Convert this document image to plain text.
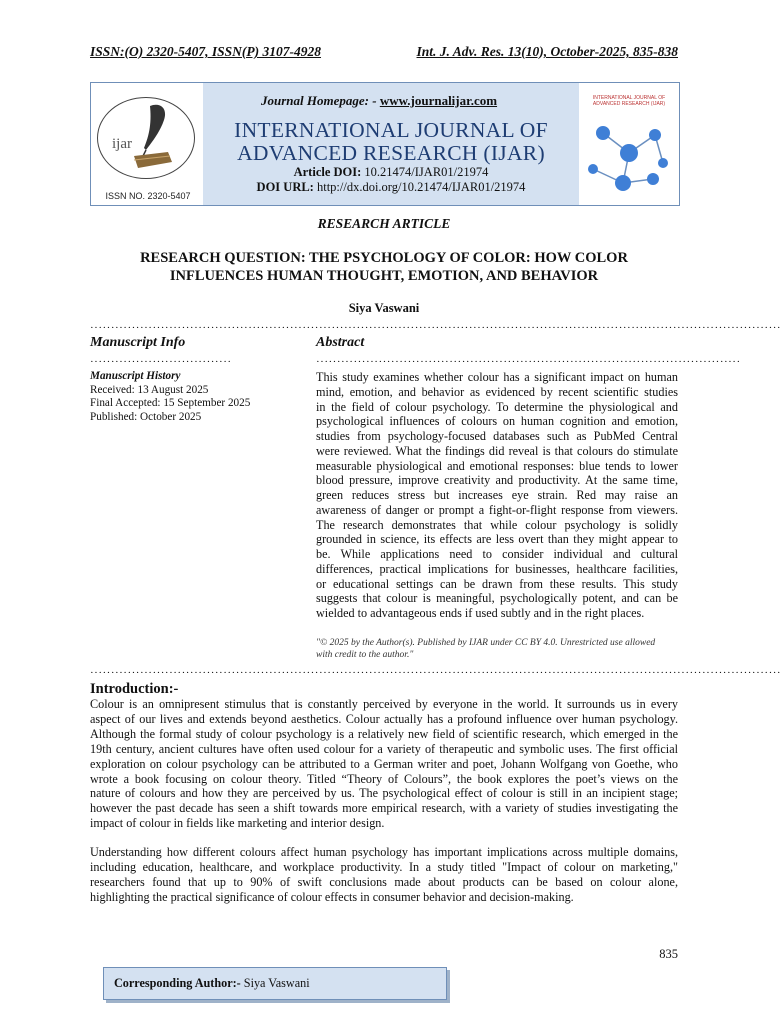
ISSN:(O) 2320-5407, ISSN(P) 3107-4928	Int. J. Adv. Res. 13(10), October-2025, 835-838
ijar
ISSN NO. 2320-5407
Journal Homepage: - www.journalijar.com
INTERNATIONAL JOURNAL OF
ADVANCED RESEARCH (IJAR)
Article DOI: 10.21474/IJAR01/21974
DOI URL: http://dx.doi.org/10.21474/IJAR01/21974
INTERNATIONAL JOURNAL OF ADVANCED RESEARCH (IJAR)
RESEARCH ARTICLE
RESEARCH QUESTION: THE PSYCHOLOGY OF COLOR: HOW COLOR
INFLUENCES HUMAN THOUGHT, EMOTION, AND BEHAVIOR
Siya Vaswani
······································································································································································
Manuscript Info	Abstract
··································	······································································································
Manuscript History
Received: 13 August 2025
Final Accepted: 15 September 2025
Published: October 2025
This study examines whether colour has a significant impact on human
mind, emotion, and behavior as evidenced by recent scientific studies
in the field of colour psychology. To determine the physiological and
psychological influences of colours on human cognition and emotion,
studies from psychology-focused databases such as PubMed Central
were reviewed. What the findings did reveal is that colours do stimulate
measurable physiological and emotional responses: blue tends to lower
blood pressure, improve creativity and productivity. At the same time,
green reduces stress but increases eye strain. Red may raise an
awareness of danger or prompt a fight-or-flight response from viewers.
The research demonstrates that while colour psychology is solidly
grounded in science, its effects are less overt than they might appear to
be. While applications need to consider individual and cultural
differences, practical implications for businesses, healthcare facilities,
or educational settings can be drawn from these results. This study
suggests that colour is meaningful, psychologically potent, and can be
wielded to advantageous ends if used subtly and in the right places.
"© 2025 by the Author(s). Published by IJAR under CC BY 4.0. Unrestricted use allowed
with credit to the author."
······································································································································································
Introduction:-
Colour is an omnipresent stimulus that is constantly perceived by everyone in the world. It surrounds us in every
aspect of our lives and extends beyond aesthetics. Colour actually has a profound influence over human psychology.
Although the formal study of colour psychology is a relatively new field of scientific research, which emerged in the
19th century, ancient cultures have often used colour for a variety of therapeutic and symbolic uses. The first official
exploration on colour psychology can be attributed to a German writer and poet, Johann Wolfgang von Goethe, who
wrote a book focusing on colour theory. Titled “Theory of Colours”, the book explores the poet’s views on the
nature of colours and how they are perceived by us. The psychological effect of colour is still in an incipient stage;
however the past decade has seen a shift towards more empirical research, with a variety of studies investigating the
impact of colour in fields like marketing and interior design.
Understanding how different colours affect human psychology has important implications across multiple domains,
including education, healthcare, and workplace productivity. In a study titled "Impact of colour on marketing,"
researchers found that up to 90% of swift conclusions made about products can be based on colour alone,
highlighting the practical significance of colour effects in consumer behavior and decision-making.
835
Corresponding Author:- Siya Vaswani
